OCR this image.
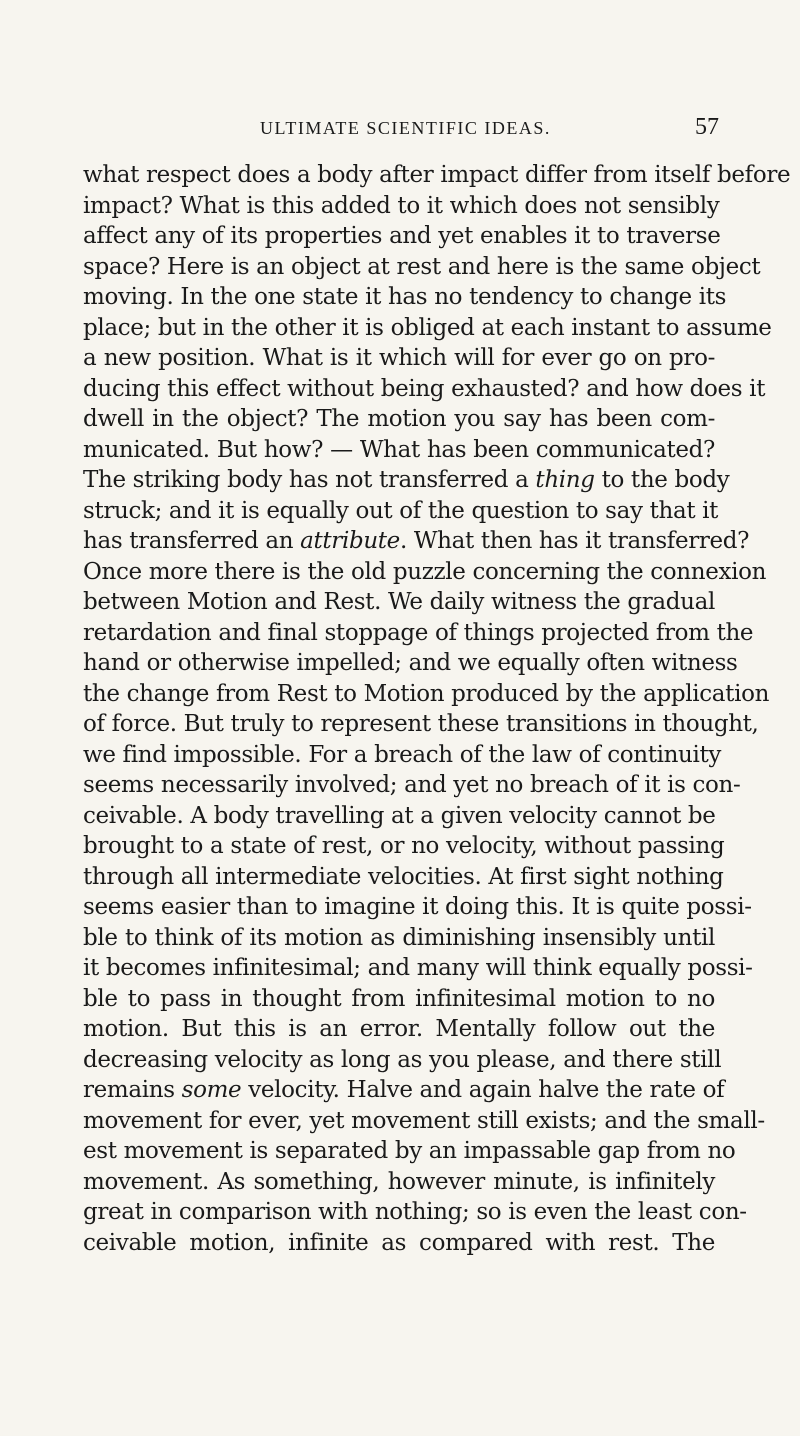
ULTIMATE SCIENTIFIC IDEAS.	57
what respect does a body after impact differ from itself before
impact? What is this added to it which does not sensibly
affect any of its properties and yet enables it to traverse
space? Here is an object at rest and here is the same object
moving. In the one state it has no tendency to change its
place; but in the other it is obliged at each instant to assume
a new position. What is it which will for ever go on pro-
ducing this effect without being exhausted? and how does it
dwell in the object? The motion you say has been com-
municated. But how? — What has been communicated?
The striking body has not transferred a thing to the body
struck; and it is equally out of the question to say that it
has transferred an attribute. What then has it transferred?
Once more there is the old puzzle concerning the connexion
between Motion and Rest. We daily witness the gradual
retardation and final stoppage of things projected from the
hand or otherwise impelled; and we equally often witness
the change from Rest to Motion produced by the application
of force. But truly to represent these transitions in thought,
we find impossible. For a breach of the law of continuity
seems necessarily involved; and yet no breach of it is con-
ceivable. A body travelling at a given velocity cannot be
brought to a state of rest, or no velocity, without passing
through all intermediate velocities. At first sight nothing
seems easier than to imagine it doing this. It is quite possi-
ble to think of its motion as diminishing insensibly until
it becomes infinitesimal; and many will think equally possi-
ble to pass in thought from infinitesimal motion to no
motion. But this is an error. Mentally follow out the
decreasing velocity as long as you please, and there still
remains some velocity. Halve and again halve the rate of
movement for ever, yet movement still exists; and the small-
est movement is separated by an impassable gap from no
movement. As something, however minute, is infinitely
great in comparison with nothing; so is even the least con-
ceivable motion, infinite as compared with rest. The
